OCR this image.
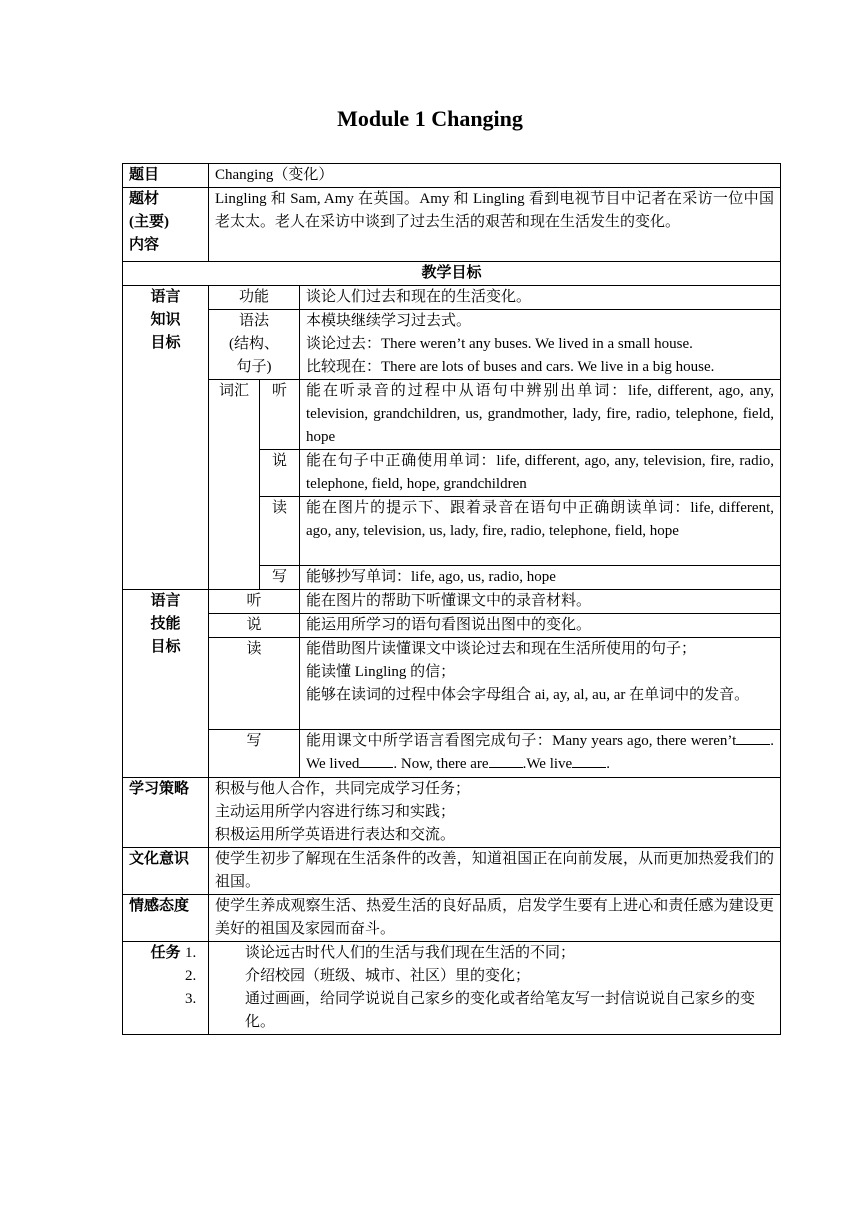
Module 1 Changing
题目	Changing（变化）		

题材
(主要)
内容	Lingling 和 Sam, Amy 在英国。Amy 和 Lingling 看到电视节目中记者在采访一位中国老太太。老人在采访中谈到了过去生活的艰苦和现在生活发生的变化。		
教学目标			

语言
知识
目标	功能		谈论人们过去和现在的生活变化。

	语法
(结构、
句子)		本模块继续学习过去式。
谈论过去：There weren’t any buses. We lived in a small house.
比较现在：There are lots of buses and cars. We live in a big house.

	词汇	听	能在听录音的过程中从语句中辨别出单词：life, different, ago, any, television, grandchildren, us, grandmother, lady, fire, radio, telephone, field, hope
		说	能在句子中正确使用单词：life, different, ago, any, television, fire, radio, telephone, field, hope, grandchildren
		读	能在图片的提示下、跟着录音在语句中正确朗读单词：life, different, ago, any, television, us, lady, fire, radio, telephone, field, hope
		写	能够抄写单词：life, ago, us, radio, hope

语言
技能
目标	听		能在图片的帮助下听懂课文中的录音材料。
	说		能运用所学习的语句看图说出图中的变化。
	读		能借助图片读懂课文中谈论过去和现在生活所使用的句子；
能读懂 Lingling 的信；
能够在读词的过程中体会字母组合 ai, ay, al, au, ar 在单词中的发音。

	写		能用课文中所学语言看图完成句子：Many years ago, there weren’t . We lived . Now, there are .We live .
学习策略	积极与他人合作，共同完成学习任务；
主动运用所学内容进行练习和实践；
积极运用所学英语进行表达和交流。		

文化意识	使学生初步了解现在生活条件的改善，知道祖国正在向前发展，从而更加热爱我们的祖国。		
情感态度	使学生养成观察生活、热爱生活的良好品质，启发学生要有上进心和责任感为建设更美好的祖国及家园而奋斗。		
任务	1. 谈论远古时代人们的生活与我们现在生活的不同；
2. 介绍校园（班级、城市、社区）里的变化；
3. 通过画画，给同学说说自己家乡的变化或者给笔友写一封信说说自己家乡的变化。		
